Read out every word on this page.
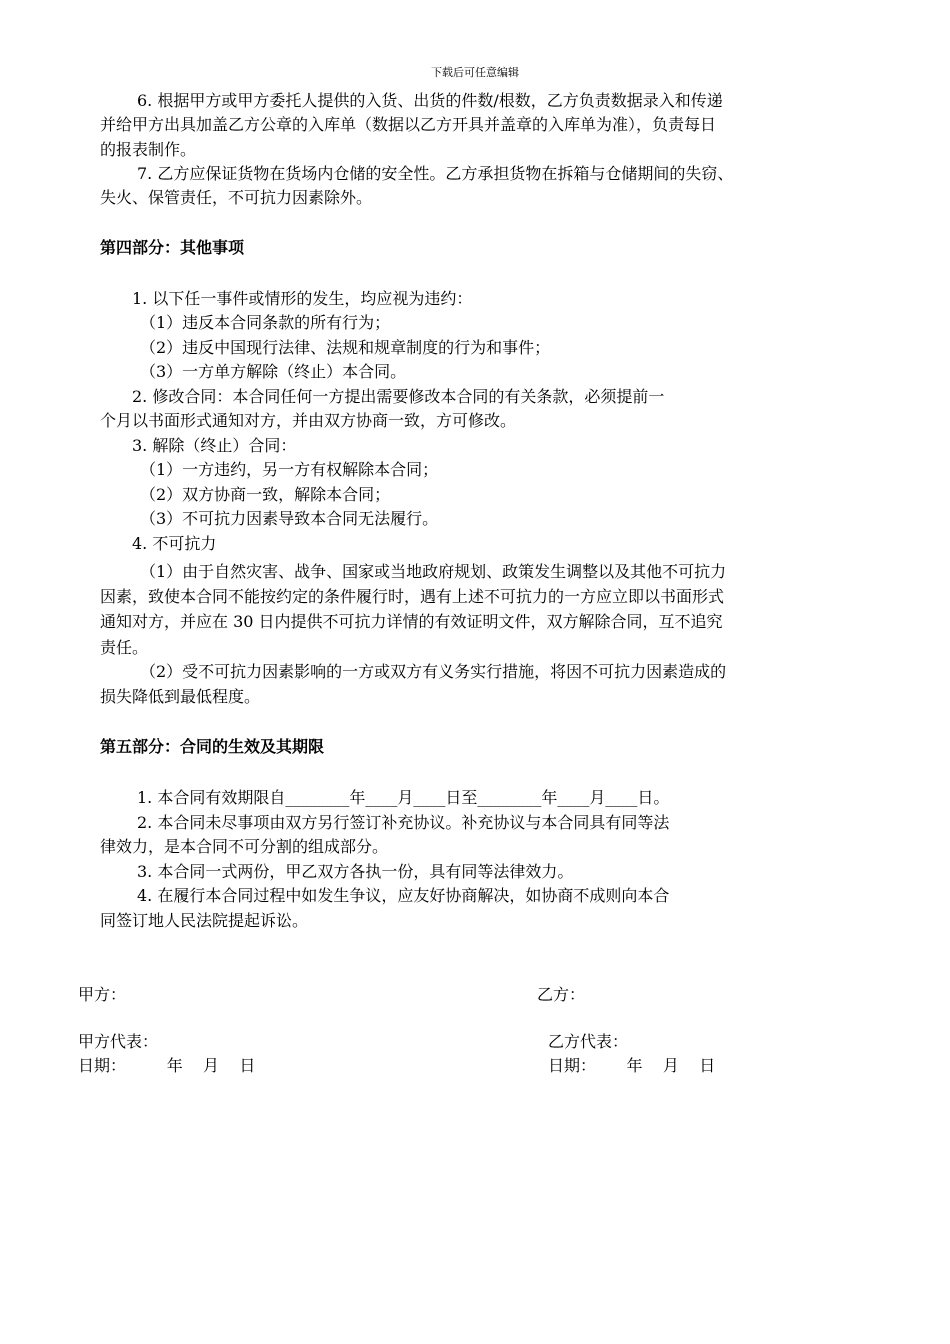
下载后可任意编辑
6. 根据甲方或甲方委托人提供的入货、出货的件数/根数，乙方负责数据录入和传递
并给甲方出具加盖乙方公章的入库单（数据以乙方开具并盖章的入库单为准），负责每日
的报表制作。
7. 乙方应保证货物在货场内仓储的安全性。乙方承担货物在拆箱与仓储期间的失窃、
失火、保管责任，不可抗力因素除外。
第四部分：其他事项
1. 以下任一事件或情形的发生，均应视为违约：
（1）违反本合同条款的所有行为；
（2）违反中国现行法律、法规和规章制度的行为和事件；
（3）一方单方解除（终止）本合同。
2. 修改合同：本合同任何一方提出需要修改本合同的有关条款，必须提前一
个月以书面形式通知对方，并由双方协商一致，方可修改。
3. 解除（终止）合同：
（1）一方违约，另一方有权解除本合同；
（2）双方协商一致，解除本合同；
（3）不可抗力因素导致本合同无法履行。
4. 不可抗力
（1）由于自然灾害、战争、国家或当地政府规划、政策发生调整以及其他不可抗力
因素，致使本合同不能按约定的条件履行时，遇有上述不可抗力的一方应立即以书面形式
通知对方，并应在 30 日内提供不可抗力详情的有效证明文件，双方解除合同，互不追究
责任。
（2）受不可抗力因素影响的一方或双方有义务实行措施，将因不可抗力因素造成的
损失降低到最低程度。
第五部分：合同的生效及其期限
1. 本合同有效期限自________年____月____日至________年____月____日。
2. 本合同未尽事项由双方另行签订补充协议。补充协议与本合同具有同等法
律效力，是本合同不可分割的组成部分。
3. 本合同一式两份，甲乙双方各执一份，具有同等法律效力。
4. 在履行本合同过程中如发生争议，应友好协商解决，如协商不成则向本合
同签订地人民法院提起诉讼。
甲方：	乙方：
甲方代表：	乙方代表：
日期：        年    月    日	日期：      年    月    日
